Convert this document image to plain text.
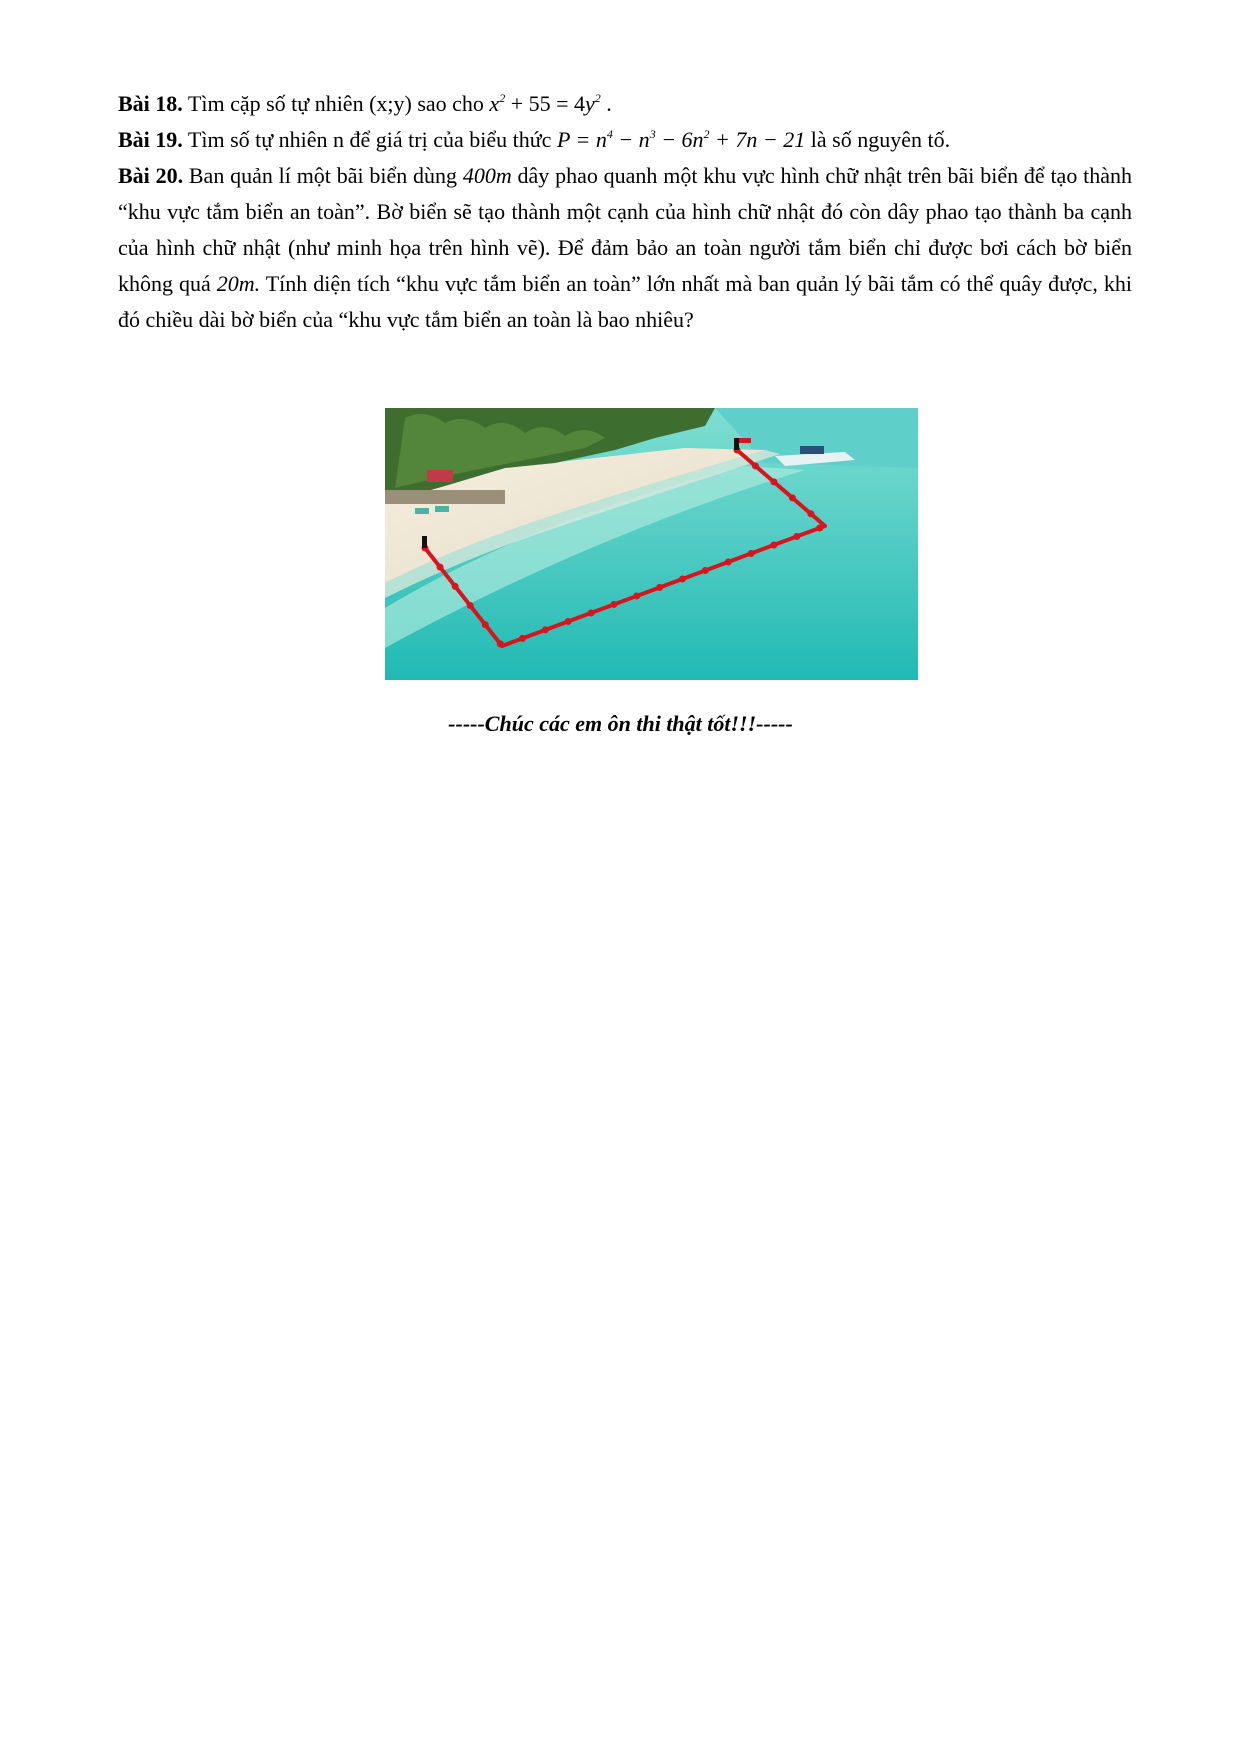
Bài 18. Tìm cặp số tự nhiên (x;y) sao cho $x^2 + 55 = 4y^2$ .

Bài 19. Tìm số tự nhiên n để giá trị của biểu thức $P = n^4 - n^3 - 6n^2 + 7n - 21$ là số nguyên tố.

Bài 20. Ban quản lí một bãi biển dùng 400m dây phao quanh một khu vực hình chữ nhật trên bãi biển để tạo thành “khu vực tắm biển an toàn”. Bờ biển sẽ tạo thành một cạnh của hình chữ nhật đó còn dây phao tạo thành ba cạnh của hình chữ nhật (như minh họa trên hình vẽ). Để đảm bảo an toàn người tắm biển chỉ được bơi cách bờ biển không quá 20m. Tính diện tích “khu vực tắm biển an toàn” lớn nhất mà ban quản lý bãi tắm có thể quây được, khi đó chiều dài bờ biển của “khu vực tắm biển an toàn là bao nhiêu?

-----Chúc các em ôn thi thật tốt!!!-----
